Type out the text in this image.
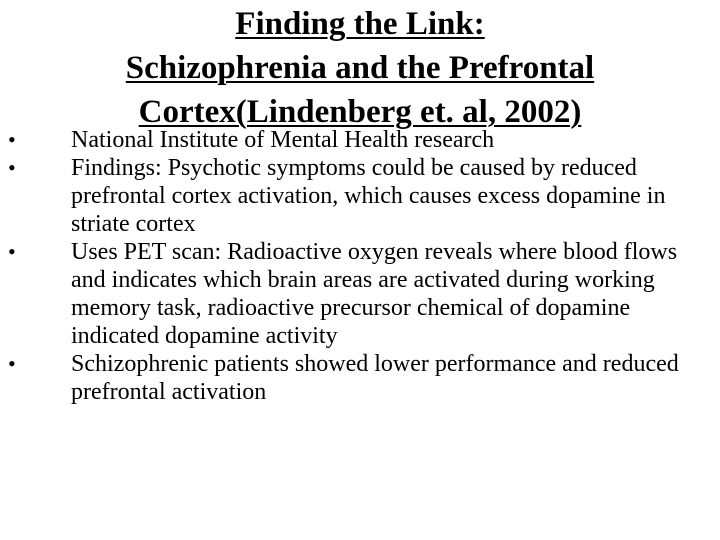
Finding the Link:
Schizophrenia and the Prefrontal
Cortex(Lindenberg et. al, 2002)
• National Institute of Mental Health research
• Findings: Psychotic symptoms could be caused by reduced prefrontal cortex activation, which causes excess dopamine in striate cortex
• Uses PET scan: Radioactive oxygen reveals where blood flows and indicates which brain areas are activated during working memory task, radioactive precursor chemical of dopamine indicated dopamine activity
• Schizophrenic patients showed lower performance and reduced prefrontal activation
